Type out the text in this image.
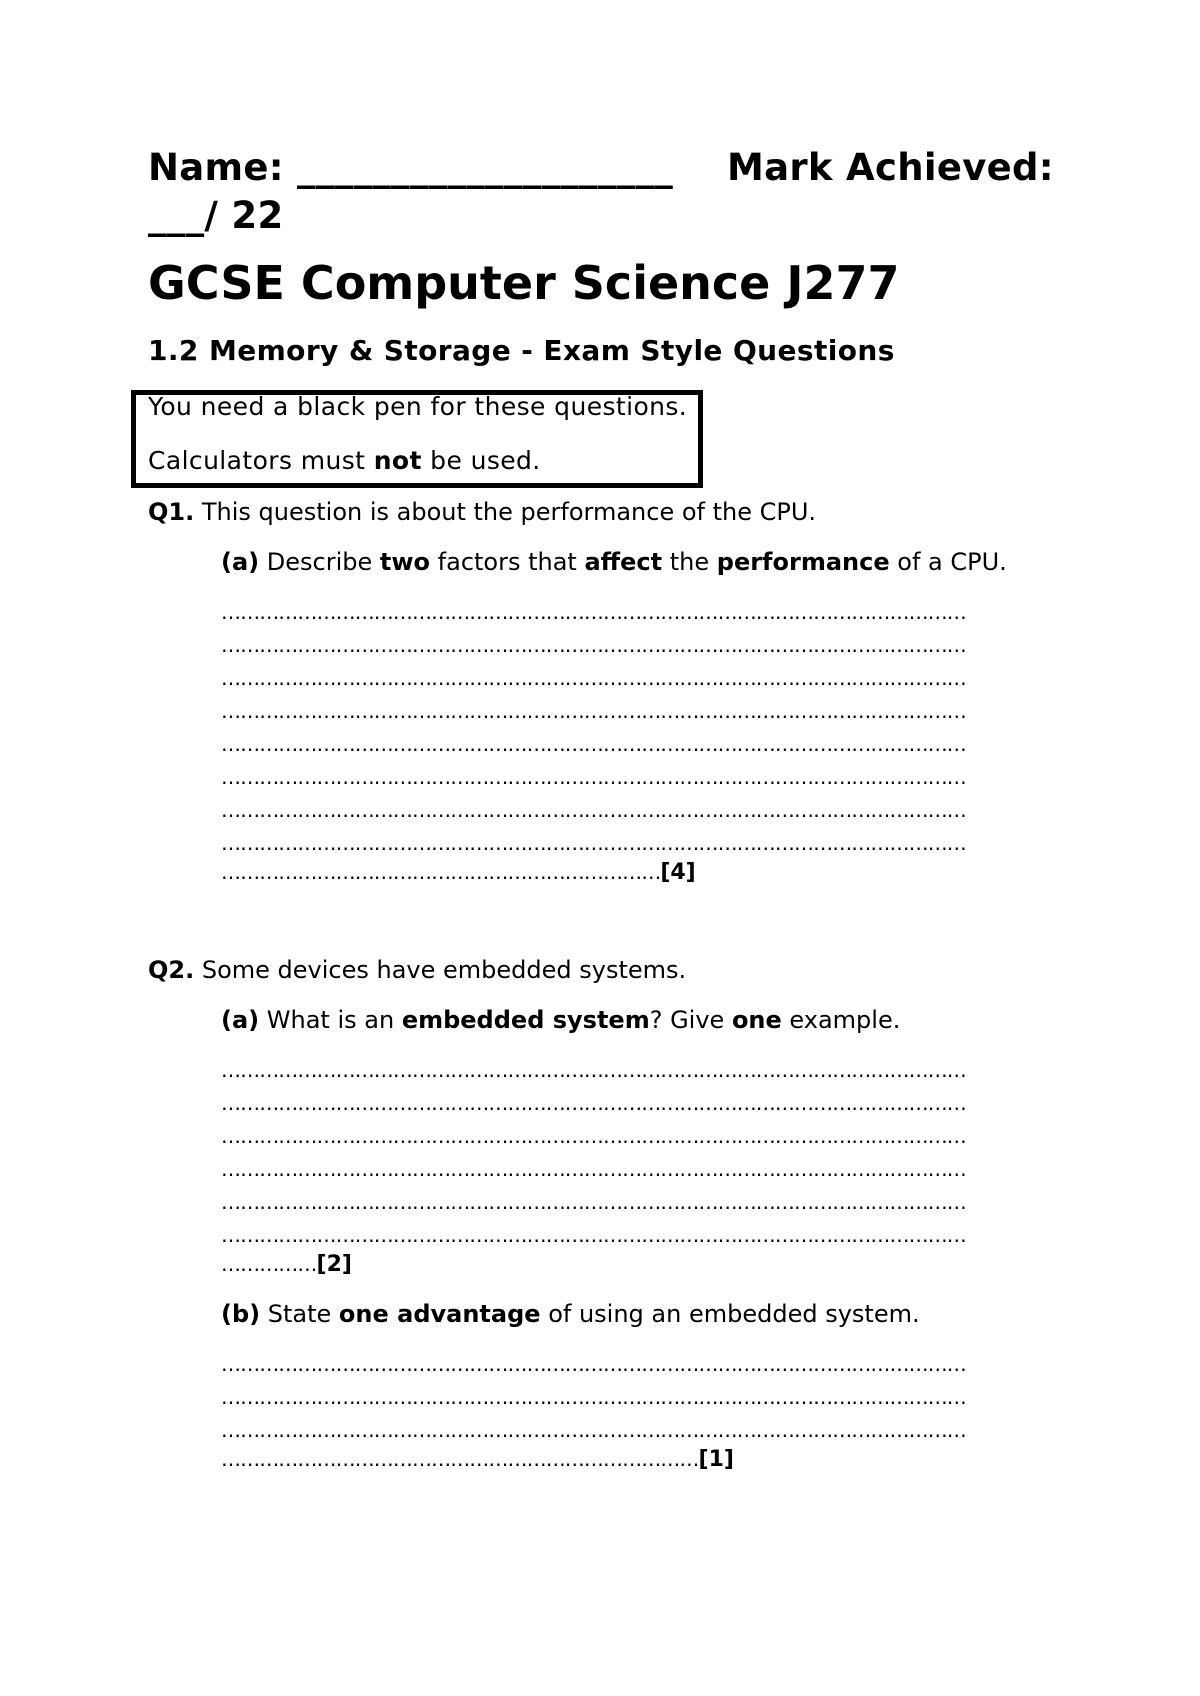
Name: ____________________ Mark Achieved:
___/ 22
GCSE Computer Science J277
1.2 Memory & Storage - Exam Style Questions
You need a black pen for these questions.
Calculators must not be used.
Q1. This question is about the performance of the CPU.
(a) Describe two factors that affect the performance of a CPU.
………………………………………………………………………………………………………
………………………………………………………………………………………………………
………………………………………………………………………………………………………
………………………………………………………………………………………………………
………………………………………………………………………………………………………
………………………………………………………………………………………………………
………………………………………………………………………………………………………
………………………………………………………………………………………………………
……………………………………………………………[4]
Q2. Some devices have embedded systems.
(a) What is an embedded system? Give one example.
………………………………………………………………………………………………………
………………………………………………………………………………………………………
………………………………………………………………………………………………………
………………………………………………………………………………………………………
………………………………………………………………………………………………………
………………………………………………………………………………………………………
……………[2]
(b) State one advantage of using an embedded system.
………………………………………………………………………………………………………
………………………………………………………………………………………………………
………………………………………………………………………………………………………
…………………………………………………………………[1]
